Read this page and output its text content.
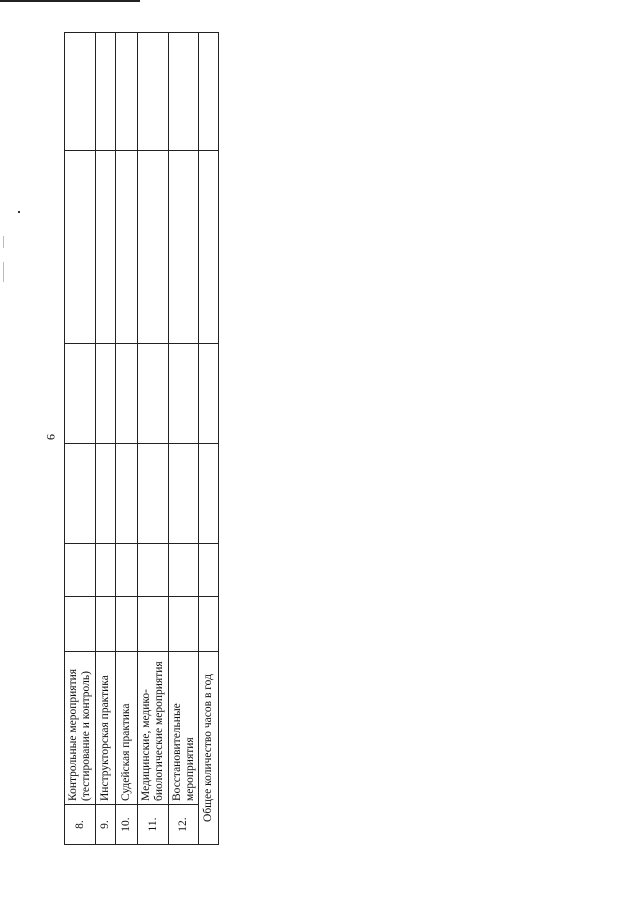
9
8.	Контрольные мероприятия (тестирование и контроль)						
9.	Инструкторская практика						
10.	Судейская практика						
11.	Медицинские, медико-биологические мероприятия						
12.	Восстановительные мероприятия						
Общее количество часов в год							
